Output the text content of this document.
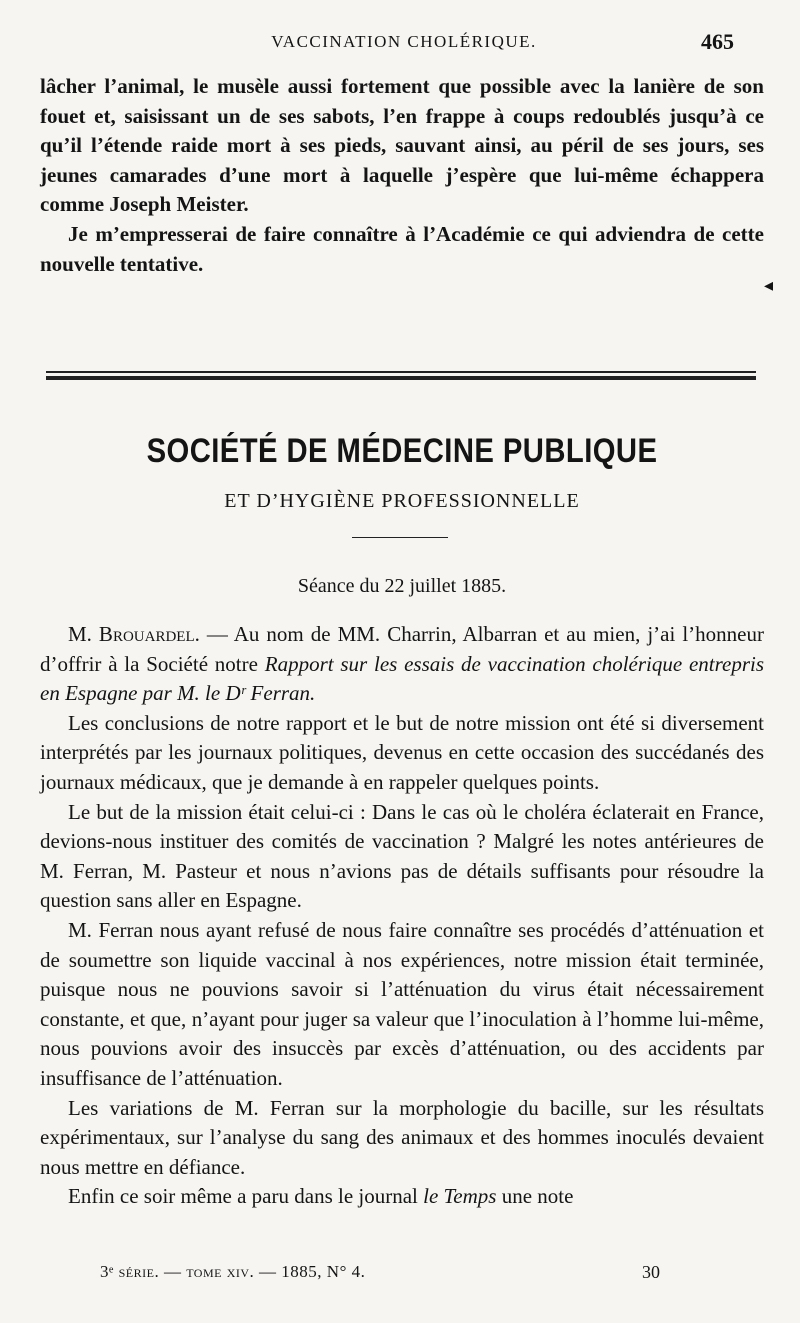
VACCINATION CHOLÉRIQUE.	465

lâcher l’animal, le musèle aussi fortement que possible avec la lanière de son fouet et, saisissant un de ses sabots, l’en frappe à coups redoublés jusqu’à ce qu’il l’étende raide mort à ses pieds, sauvant ainsi, au péril de ses jours, ses jeunes camarades d’une mort à laquelle j’espère que lui-même échappera comme Joseph Meister.

Je m’empresserai de faire connaître à l’Académie ce qui adviendra de cette nouvelle tentative.

◂
SOCIÉTÉ DE MÉDECINE PUBLIQUE
ET D’HYGIÈNE PROFESSIONNELLE
Séance du 22 juillet 1885.

M. Brouardel. — Au nom de MM. Charrin, Albarran et au mien, j’ai l’honneur d’offrir à la Société notre Rapport sur les essais de vaccination cholérique entrepris en Espagne par M. le Dʳ Ferran.

Les conclusions de notre rapport et le but de notre mission ont été si diversement interprétés par les journaux politiques, devenus en cette occasion des succédanés des journaux médicaux, que je demande à en rappeler quelques points.

Le but de la mission était celui-ci : Dans le cas où le choléra éclaterait en France, devions-nous instituer des comités de vaccination ? Malgré les notes antérieures de M. Ferran, M. Pasteur et nous n’avions pas de détails suffisants pour résoudre la question sans aller en Espagne.

M. Ferran nous ayant refusé de nous faire connaître ses procédés d’atténuation et de soumettre son liquide vaccinal à nos expériences, notre mission était terminée, puisque nous ne pouvions savoir si l’atténuation du virus était nécessairement constante, et que, n’ayant pour juger sa valeur que l’inoculation à l’homme lui-même, nous pouvions avoir des insuccès par excès d’atténuation, ou des accidents par insuffisance de l’atténuation.

Les variations de M. Ferran sur la morphologie du bacille, sur les résultats expérimentaux, sur l’analyse du sang des animaux et des hommes inoculés devaient nous mettre en défiance.

Enfin ce soir même a paru dans le journal le Temps une note

3ᵉ série. — tome xiv. — 1885, N° 4.	30
